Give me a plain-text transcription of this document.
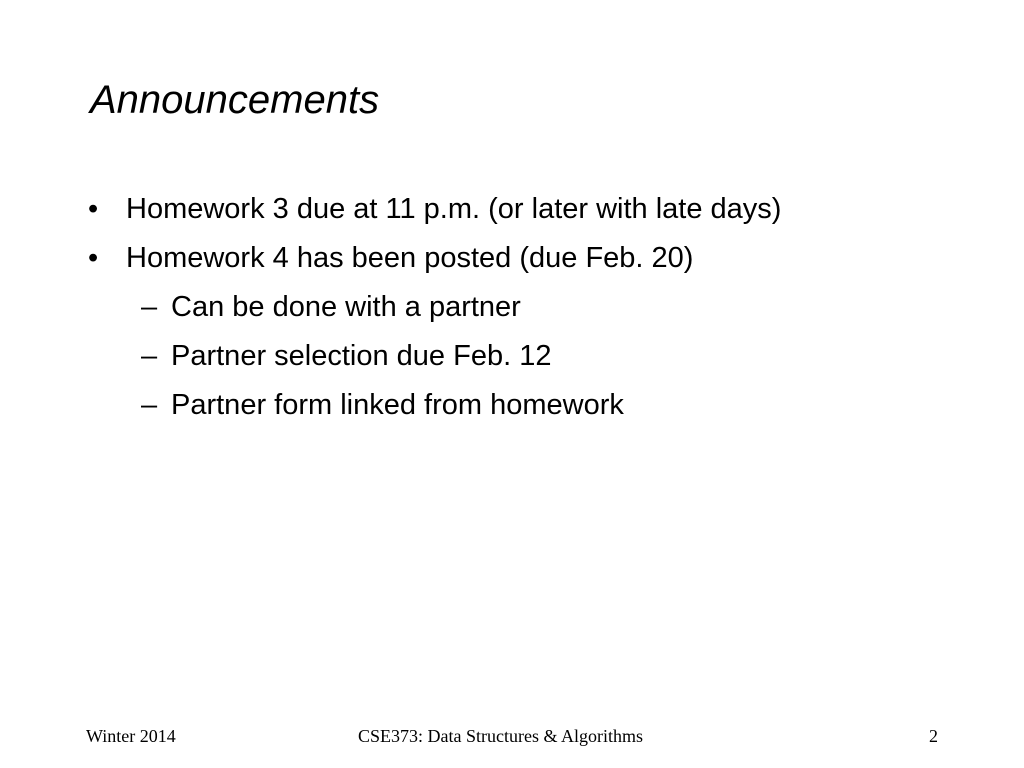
Announcements
• Homework 3 due at 11 p.m. (or later with late days)
• Homework 4 has been posted (due Feb. 20)
– Can be done with a partner
– Partner selection due Feb. 12
– Partner form linked from homework
Winter 2014	CSE373: Data Structures & Algorithms	2
